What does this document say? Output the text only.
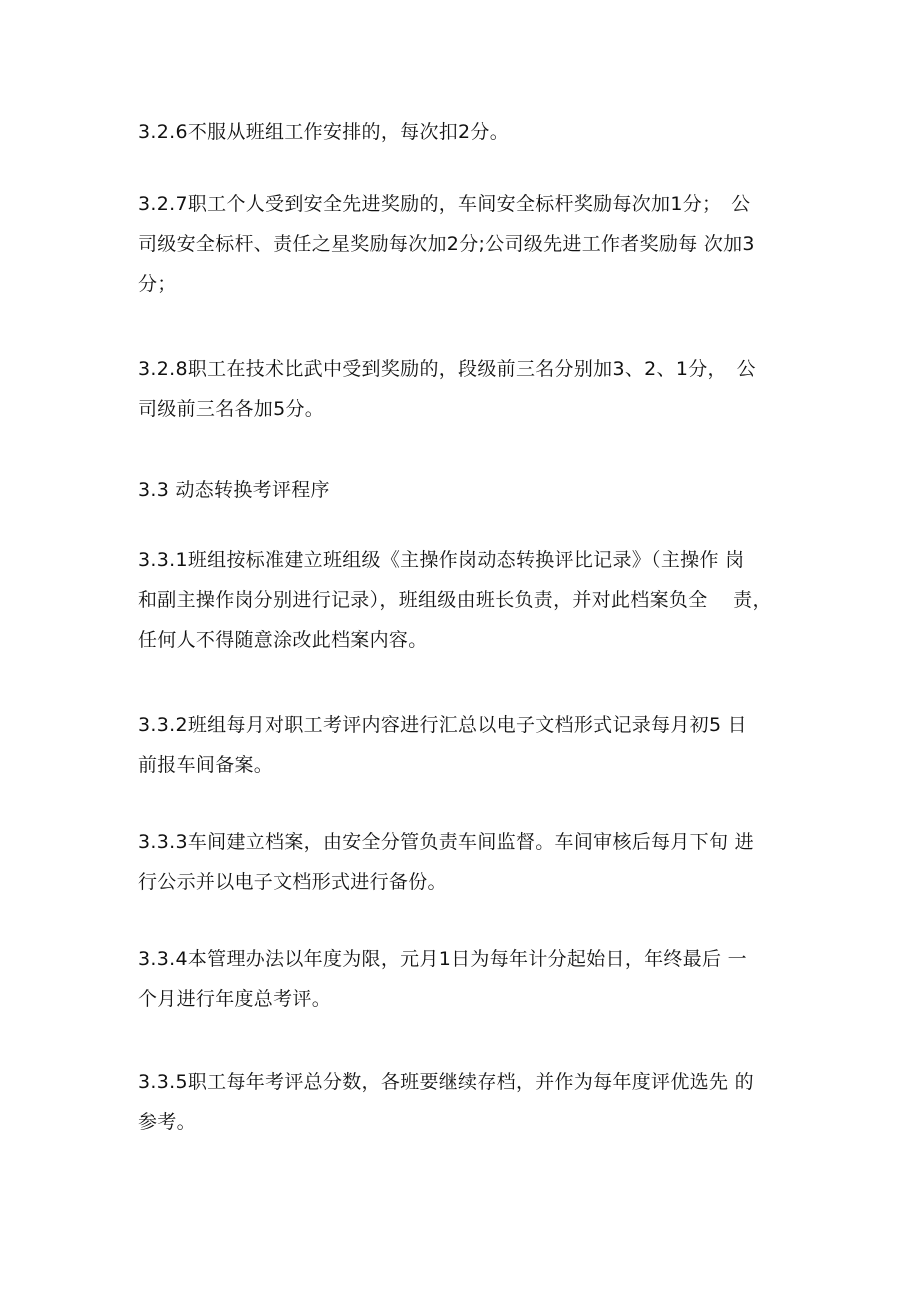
3.2.6不服从班组工作安排的，每次扣2分。

3.2.7职工个人受到安全先进奖励的，车间安全标杆奖励每次加1分；　公
司级安全标杆、责任之星奖励每次加2分;公司级先进工作者奖励每 次加3
分；

3.2.8职工在技术比武中受到奖励的，段级前三名分别加3、2、1分，　公
司级前三名各加5分。

3.3 动态转换考评程序

3.3.1班组按标准建立班组级《主操作岗动态转换评比记录》（主操作 岗
和副主操作岗分别进行记录），班组级由班长负责，并对此档案负全　 责，
任何人不得随意涂改此档案内容。

3.3.2班组每月对职工考评内容进行汇总以电子文档形式记录每月初5 日
前报车间备案。

3.3.3车间建立档案，由安全分管负责车间监督。车间审核后每月下旬 进
行公示并以电子文档形式进行备份。

3.3.4本管理办法以年度为限，元月1日为每年计分起始日，年终最后 一
个月进行年度总考评。

3.3.5职工每年考评总分数，各班要继续存档，并作为每年度评优选先 的
参考。
